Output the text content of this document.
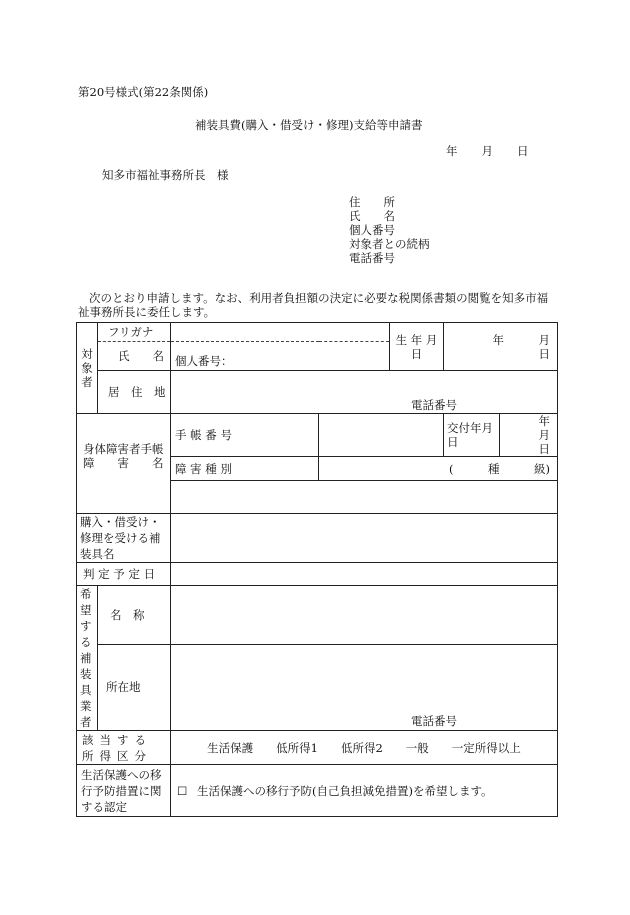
第20号様式(第22条関係)
補装具費(購入・借受け・修理)支給等申請書
年 月 日
知多市福祉事務所長　様
住　　所
氏　　名
個人番号
対象者との続柄
電話番号
次のとおり申請します。なお、利用者負担額の決定に必要な税関係書類の閲覧を知多市福祉事務所長に委任します。
対
象
者
	フリガナ		生 年 月 日	年　　　月　　　日
氏　　名	個人番号：
居　住　地	
電話番号

身体障害者手帳
障　　害　　名
	手 帳 番 号			交付年月日	年　　　月　　　日

障 害 種 別	(　　　種　　　級)

購入・借受け・修理を受ける補装具名	
判 定 予 定 日	
希望する補装具業者	名　称	
所在地	
電話番号

該当する所得区分	生活保護　　低所得1　　低所得2　　一般　　一定所得以上
生活保護への移行予防措置に関する認定	☐ 生活保護への移行予防(自己負担減免措置)を希望します。
